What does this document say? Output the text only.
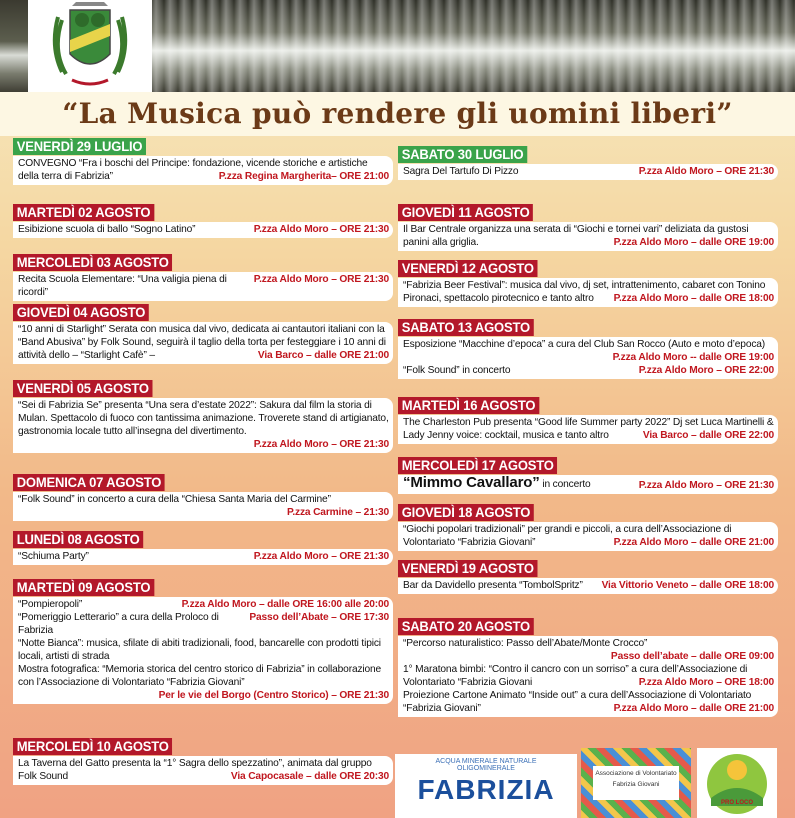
“La Musica può rendere gli uomini liberi”
VENERDÌ 29 LUGLIO
CONVEGNO “Fra i boschi del Principe: fondazione, vicende storiche e artistiche della terra di Fabrizia”	P.zza Regina Margherita– ORE 21:00
MARTEDÌ 02 AGOSTO
Esibizione scuola di ballo “Sogno Latino”	P.zza Aldo Moro – ORE 21:30
MERCOLEDÌ 03 AGOSTO
Recita Scuola Elementare: “Una valigia piena di ricordi”
P.zza Aldo Moro – ORE 21:30
GIOVEDÌ 04 AGOSTO
“10 anni di Starlight” Serata con musica dal vivo, dedicata ai cantautori italiani con la “Band Abusiva” by Folk Sound, seguirà il taglio della torta per festeggiare i 10 anni di attività dello – “Starlight Cafè” –	Via Barco – dalle ORE 21:00
VENERDÌ 05 AGOSTO
“Sei di Fabrizia Se” presenta “Una sera d’estate 2022”: Sakura dal film la storia di Mulan. Spettacolo di fuoco con tantissima animazione. Troverete stand di artigianato, gastronomia locale tutto all’insegna del divertimento.
P.zza Aldo Moro – ORE 21:30
DOMENICA 07 AGOSTO
“Folk Sound” in concerto a cura della “Chiesa Santa Maria del Carmine”
P.zza Carmine – 21:30
LUNEDÌ 08 AGOSTO
“Schiuma Party”	P.zza Aldo Moro – ORE 21:30
MARTEDÌ 09 AGOSTO
“Pompieropoli”	P.zza Aldo Moro – dalle ORE 16:00 alle 20:00
“Pomeriggio Letterario” a cura della Proloco di Fabrizia
Passo dell’Abate – ORE 17:30
“Notte Bianca”: musica, sfilate di abiti tradizionali, food, bancarelle con prodotti tipici locali, artisti di strada
Mostra fotografica: “Memoria storica del centro storico di Fabrizia” in collaborazione con l’Associazione di Volontariato “Fabrizia Giovani”
Per le vie del Borgo (Centro Storico) – ORE 21:30
MERCOLEDÌ 10 AGOSTO
La Taverna del Gatto presenta la “1° Sagra dello spezzatino”, animata dal gruppo Folk Sound	Via Capocasale – dalle ORE 20:30
SABATO 30 LUGLIO
Sagra Del Tartufo Di Pizzo	P.zza Aldo Moro – ORE 21:30
GIOVEDÌ 11 AGOSTO
Il Bar Centrale organizza una serata di “Giochi e tornei vari” deliziata da gustosi panini alla griglia.	P.zza Aldo Moro – dalle ORE 19:00
VENERDÌ 12 AGOSTO
“Fabrizia Beer Festival”: musica dal vivo, dj set, intrattenimento, cabaret con Tonino Pironaci, spettacolo pirotecnico e tanto altro P.zza Aldo Moro – dalle ORE 18:00
SABATO 13 AGOSTO
Esposizione “Macchine d’epoca” a cura del Club San Rocco (Auto e moto d’epoca)
P.zza Aldo Moro -- dalle ORE 19:00
“Folk Sound” in concerto	P.zza Aldo Moro – ORE 22:00
MARTEDÌ 16 AGOSTO
The Charleston Pub presenta “Good life Summer party 2022” Dj set Luca Martinelli & Lady Jenny voice: cocktail, musica e tanto altro	Via Barco – dalle ORE 22:00
MERCOLEDÌ 17 AGOSTO
“Mimmo Cavallaro” in concerto	P.zza Aldo Moro – ORE 21:30
GIOVEDÌ 18 AGOSTO
“Giochi popolari tradizionali” per grandi e piccoli, a cura dell’Associazione di Volontariato “Fabrizia Giovani”	P.zza Aldo Moro – dalle ORE 21:00
VENERDÌ 19 AGOSTO
Bar da Davidello presenta “TombolSpritz” Via Vittorio Veneto – dalle ORE 18:00
SABATO 20 AGOSTO
“Percorso naturalistico: Passo dell’Abate/Monte Crocco”
Passo dell’abate – dalle ORE 09:00
1° Maratona bimbi: “Contro il cancro con un sorriso” a cura dell’Associazione di Volontariato “Fabrizia Giovani	P.zza Aldo Moro – ORE 18:00
Proiezione Cartone Animato “Inside out” a cura dell’Associazione di Volontariato “Fabrizia Giovani”	P.zza Aldo Moro – dalle ORE 21:00
ACQUA MINERALE NATURALE
OLIGOMINERALE
FABRIZIA
Associazione di Volontariato
Fabrizia Giovani
PRO LOCO
